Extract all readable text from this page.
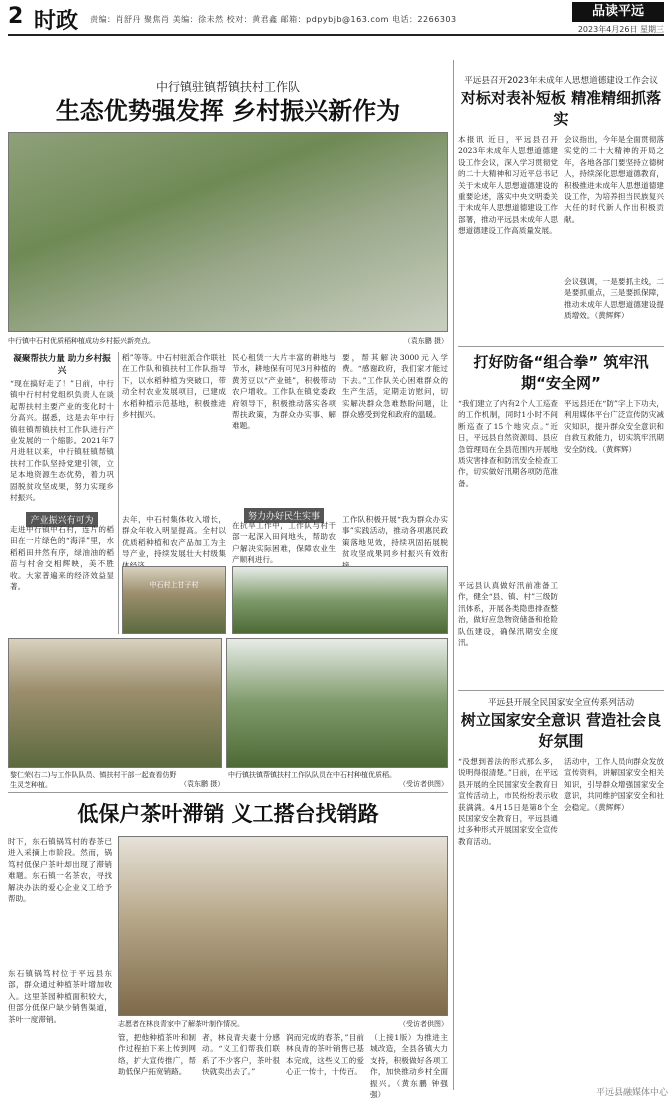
2 时政 责编：肖舒丹 聚焦肖 美编：徐未然 校对：黄君鑫 邮箱：pdpybjb@163.com 电话：2266303
品读平远
2023年4月26日 星期三
中行镇驻镇帮镇扶村工作队
生态优势强发挥 乡村振兴新作为
中行镇中石村优质稻种植成功乡村振兴新亮点。	（袁东鹏 摄）
凝聚帮扶力量 助力乡村振兴
“现在搞好走了！”日前，中行镇中行村村党组织负责人在谈起帮扶村主要产业的变化时十分高兴。据悉，这是去年中行镇驻镇帮镇扶村工作队进行产业发展的一个缩影。2021年7月进驻以来，中行镇驻镇帮镇扶村工作队坚持党建引领，立足本地资源生态优势，着力巩固脱贫攻坚成果，努力实现乡村振兴。
产业振兴有可为
走进中行镇中石村，连片的稻田在一片绿色的“海洋”里，水稻稻田井然有序，绿油油的稻苗与村舍交相辉映，美不胜收。大家普遍来的经济效益显著。
稻”等等。中石村驻派合作联社在工作队和镇扶村工作队指导下，以水稻种植为突破口，带动全村农业发展项目，已建成水稻种植示范基地，积极推进乡村振兴。
去年，中石村集体收入增长，群众年收入明显提高。全村以优质稻种植和农产品加工为主导产业，持续发展壮大村级集
民心租赁一大片丰富的耕地与节水，耕地保有可见3月种植的黄芳豆以“产业链”，积极带动农户增收。工作队在镇党委政府领导下，积极推动落实各项帮扶政策，为群众办实事、解难题。
努力办好民生实事
在抗旱工作中，工作队与村干部一起深入田间地头，帮助农户解决实际困难，保障农业生产顺利进行。
要，帮其解决3000元入学费。“感谢政府，我们家才能过下去。”工作队关心困难群众的生产生活，定期走访慰问，切实解决群众急难愁盼问题，让群众感受到党和政府的温暖。
工作队积极开展“我为群众办实事”实践活动，推动各项惠民政策落地见效，持续巩固拓展脱贫攻坚成果同乡村振兴有效衔
中石村上甘子村
黎仁荣(右二)与工作队队员、镇扶村干部一起查看仿野生灵芝种植。	（袁东鹏 摄）
中行镇扶镇帮镇扶村工作队队员在中石村种植优质稻。
（受访者供图）
平远县召开2023年未成年人思想道德建设工作会议
对标对表补短板 精准精细抓落实
本报讯 近日，平远县召开2023年未成年人思想道德建设工作会议，深入学习贯彻党的二十大精神和习近平总书记关于未成年人思想道德建设的重要论述，落实中央文明委关于未成年人思想道德建设工作部署，推动平远县未成年人思想道德建设工作高质量发展。
会议指出，今年是全面贯彻落实党的二十大精神的开局之年，各地各部门要坚持立德树人，持续深化思想道德教育，积极推进未成年人思想道德建设工作，为培养担当民族复兴大任的时代新人作出积极贡献。
会议强调，一是要抓主线，二是要抓重点，三是要抓保障，推动未成年人思想道德建设提质增效。（黄辉辉）
打好防备“组合拳” 筑牢汛期“安全网”
“我们建立了内有2个人工巡查的工作机制，同时1小时不间断巡查了15个地灾点。”近日，平远县自然资源局、县应急管理局在全县范围内开展地质灾害排查和防汛安全检查工作，切实做好汛期各项防范准备。
平远县认真做好汛前准备工作，健全“县、镇、村”三级防汛体系，开展各类隐患排查整治，做好应急物资储备和抢险队伍建设，确保汛期安全度汛。
平远县还在“防”字上下功夫，利用媒体平台广泛宣传防灾减灾知识，提升群众安全意识和自救互救能力，切实筑牢汛期安全防线。（黄辉辉）
平远县开展全民国家安全宣传系列活动
树立国家安全意识 营造社会良好氛围
“没想到普法的形式那么多，说明得很清楚。”日前，在平远县开展的全民国家安全教育日宣传活动上，市民纷纷表示收获满满。4月15日是第8个全民国家安全教育日，平远县通过多种形式开展国家安全宣传教育活动。
活动中，工作人员向群众发放宣传资料，讲解国家安全相关知识，引导群众增强国家安全意识，共同维护国家安全和社会稳定。（黄辉辉）
低保户茶叶滞销 义工搭台找销路
时下，东石镇锅笃村的春茶已进入采摘上市阶段。然而，锅笃村低保户茶叶却出现了滞销难题。东石镇一名茶农，寻找解决办法的爱心企业义工给予帮助。
东石镇锅笃村位于平远县东部，群众通过种植茶叶增加收入。这里茶园种植面积较大，但部分低保户缺少销售渠道，茶叶一度滞销。
志愿者在林良青家中了解茶叶制作情况。	（受访者供图）
管，把他种植茶叶和制作过程拍下来上传到网络，扩大宣传推广，帮助低保户拓宽销路。
者，林良青夫妻十分感动。“义工们帮我们联系了不少客户，茶叶很快就卖出去了。”
润而完成的春茶，”目前林良青的茶叶销售已基本完成，这些义工的爱心正一传十，十传百。
（上接1版）为推进主城改造，全县各镇大力支持，积极做好各项工作，加快推动乡村全面振兴。（黄东鹏 钟强强）	平远县融媒体中心
